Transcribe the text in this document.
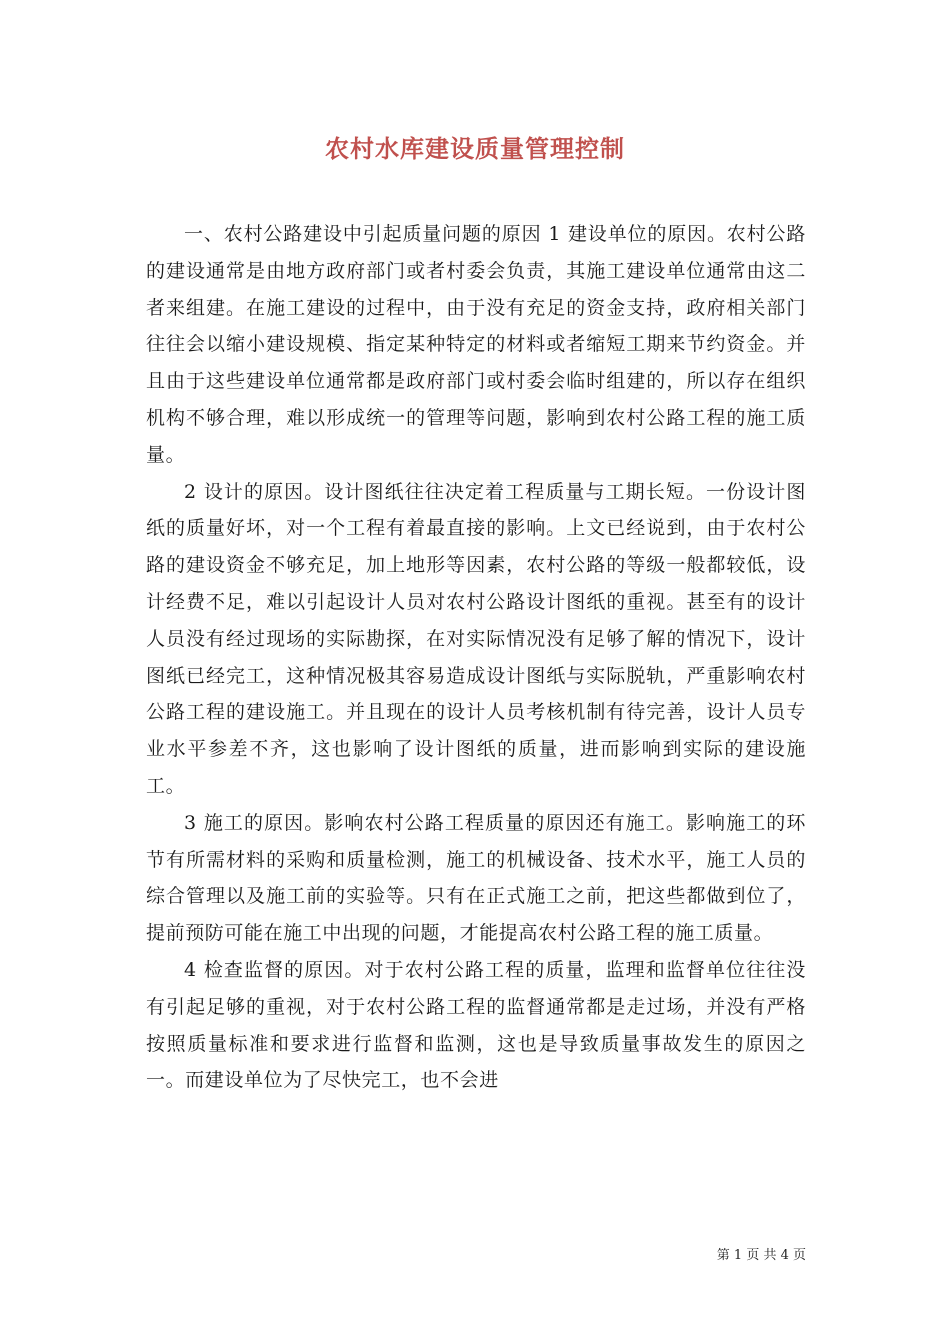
农村水库建设质量管理控制

一、农村公路建设中引起质量问题的原因 1 建设单位的原因。农村公路的建设通常是由地方政府部门或者村委会负责，其施工建设单位通常由这二者来组建。在施工建设的过程中，由于没有充足的资金支持，政府相关部门往往会以缩小建设规模、指定某种特定的材料或者缩短工期来节约资金。并且由于这些建设单位通常都是政府部门或村委会临时组建的，所以存在组织机构不够合理，难以形成统一的管理等问题，影响到农村公路工程的施工质量。

2 设计的原因。设计图纸往往决定着工程质量与工期长短。一份设计图纸的质量好坏，对一个工程有着最直接的影响。上文已经说到，由于农村公路的建设资金不够充足，加上地形等因素，农村公路的等级一般都较低，设计经费不足，难以引起设计人员对农村公路设计图纸的重视。甚至有的设计人员没有经过现场的实际勘探，在对实际情况没有足够了解的情况下，设计图纸已经完工，这种情况极其容易造成设计图纸与实际脱轨，严重影响农村公路工程的建设施工。并且现在的设计人员考核机制有待完善，设计人员专业水平参差不齐，这也影响了设计图纸的质量，进而影响到实际的建设施工。

3 施工的原因。影响农村公路工程质量的原因还有施工。影响施工的环节有所需材料的采购和质量检测，施工的机械设备、技术水平，施工人员的综合管理以及施工前的实验等。只有在正式施工之前，把这些都做到位了，提前预防可能在施工中出现的问题，才能提高农村公路工程的施工质量。

4 检查监督的原因。对于农村公路工程的质量，监理和监督单位往往没有引起足够的重视，对于农村公路工程的监督通常都是走过场，并没有严格按照质量标准和要求进行监督和监测，这也是导致质量事故发生的原因之一。而建设单位为了尽快完工，也不会进

第 1 页 共 4 页
